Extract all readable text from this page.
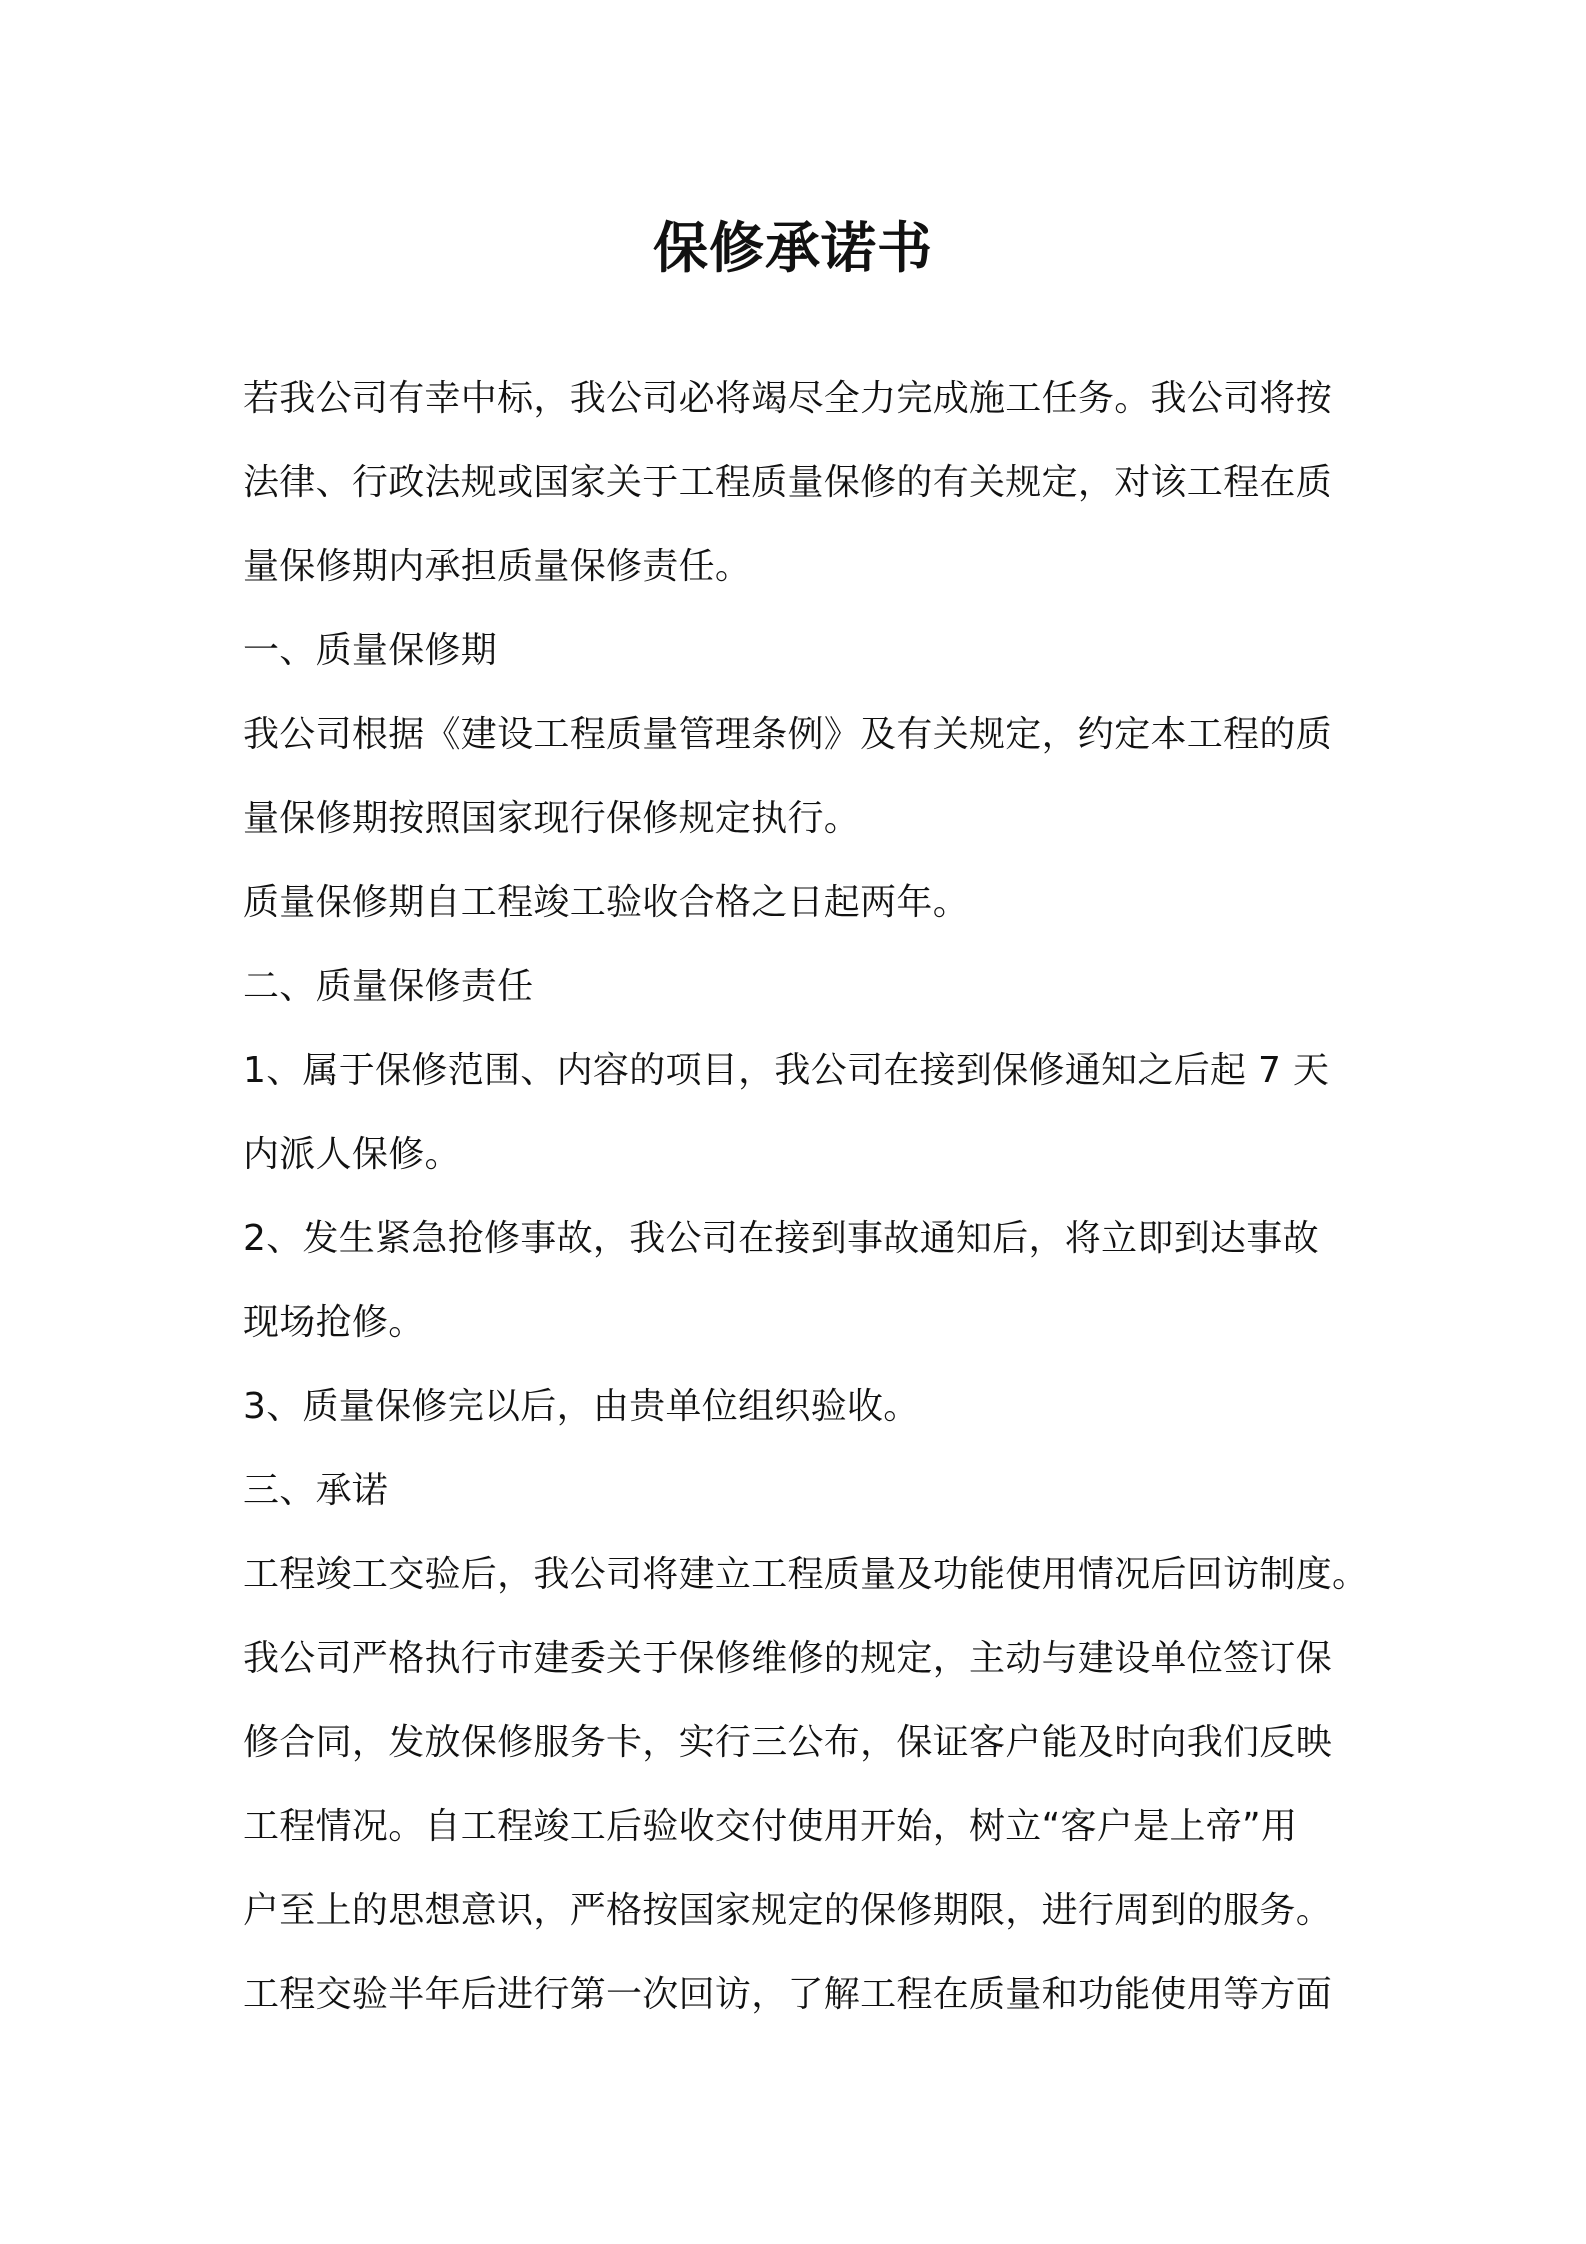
保修承诺书
若我公司有幸中标，我公司必将竭尽全力完成施工任务。我公司将按
法律、行政法规或国家关于工程质量保修的有关规定，对该工程在质
量保修期内承担质量保修责任。
一、质量保修期
我公司根据《建设工程质量管理条例》及有关规定，约定本工程的质
量保修期按照国家现行保修规定执行。
质量保修期自工程竣工验收合格之日起两年。
二、质量保修责任
1、属于保修范围、内容的项目，我公司在接到保修通知之后起 7 天
内派人保修。
2、发生紧急抢修事故，我公司在接到事故通知后，将立即到达事故
现场抢修。
3、质量保修完以后，由贵单位组织验收。
三、承诺
工程竣工交验后，我公司将建立工程质量及功能使用情况后回访制度。
我公司严格执行市建委关于保修维修的规定，主动与建设单位签订保
修合同，发放保修服务卡，实行三公布，保证客户能及时向我们反映
工程情况。自工程竣工后验收交付使用开始，树立“客户是上帝”用
户至上的思想意识，严格按国家规定的保修期限，进行周到的服务。
工程交验半年后进行第一次回访，了解工程在质量和功能使用等方面
